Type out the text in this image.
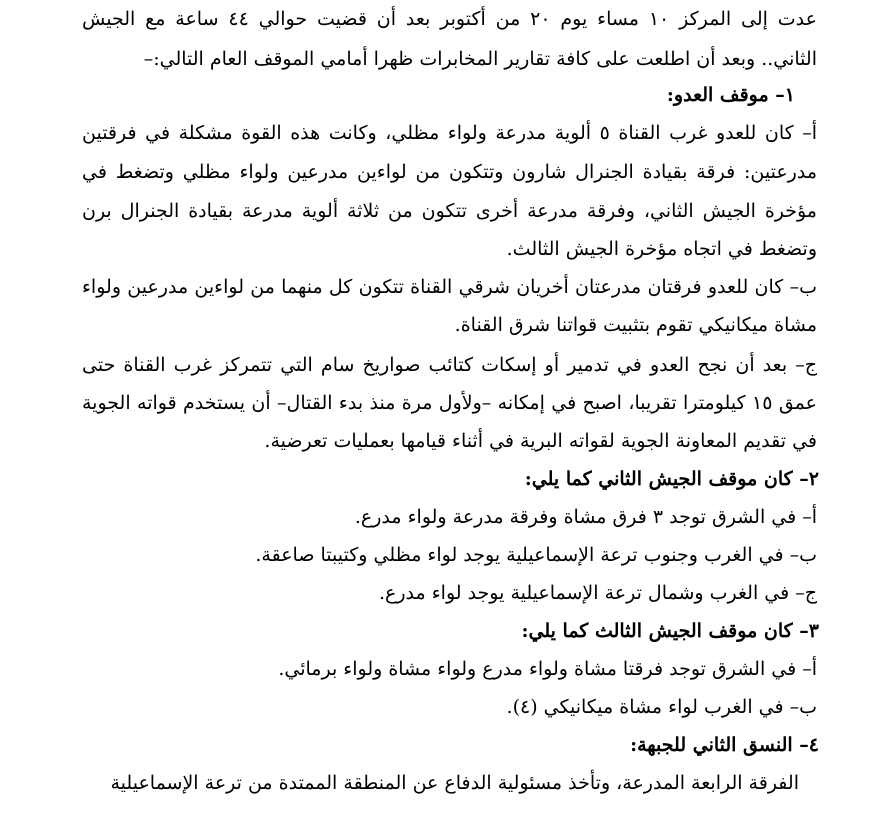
عدت إلى المركز ١٠ مساء يوم ٢٠ من أكتوبر بعد أن قضيت حوالي ٤٤ ساعة مع الجيش
الثاني.. وبعد أن اطلعت على كافة تقارير المخابرات ظهرا أمامي الموقف العام التالي:–
١– موقف العدو:
أ– كان للعدو غرب القناة ٥ ألوية مدرعة ولواء مظلي، وكانت هذه القوة مشكلة في فرقتين
مدرعتين: فرقة بقيادة الجنرال شارون وتتكون من لواءين مدرعين ولواء مظلي وتضغط في
مؤخرة الجيش الثاني، وفرقة مدرعة أخرى تتكون من ثلاثة ألوية مدرعة بقيادة الجنرال برن
وتضغط في اتجاه مؤخرة الجيش الثالث.
ب– كان للعدو فرقتان مدرعتان أخريان شرقي القناة تتكون كل منهما من لواءين مدرعين ولواء
مشاة ميكانيكي تقوم بتثبيت قواتنا شرق القناة.
ج– بعد أن نجح العدو في تدمير أو إسكات كتائب صواريخ سام التي تتمركز غرب القناة حتى
عمق ١٥ كيلومترا تقريبا، اصبح في إمكانه –ولأول مرة منذ بدء القتال– أن يستخدم قواته الجوية
في تقديم المعاونة الجوية لقواته البرية في أثناء قيامها بعمليات تعرضية.
٢– كان موقف الجيش الثاني كما يلي:
أ– في الشرق توجد ٣ فرق مشاة وفرقة مدرعة ولواء مدرع.
ب– في الغرب وجنوب ترعة الإسماعيلية يوجد لواء مظلي وكتيبتا صاعقة.
ج– في الغرب وشمال ترعة الإسماعيلية يوجد لواء مدرع.
٣– كان موقف الجيش الثالث كما يلي:
أ– في الشرق توجد فرقتا مشاة ولواء مدرع ولواء مشاة ولواء برمائي.
ب– في الغرب لواء مشاة ميكانيكي (٤).
٤– النسق الثاني للجبهة:
الفرقة الرابعة المدرعة، وتأخذ مسئولية الدفاع عن المنطقة الممتدة من ترعة الإسماعيلية
